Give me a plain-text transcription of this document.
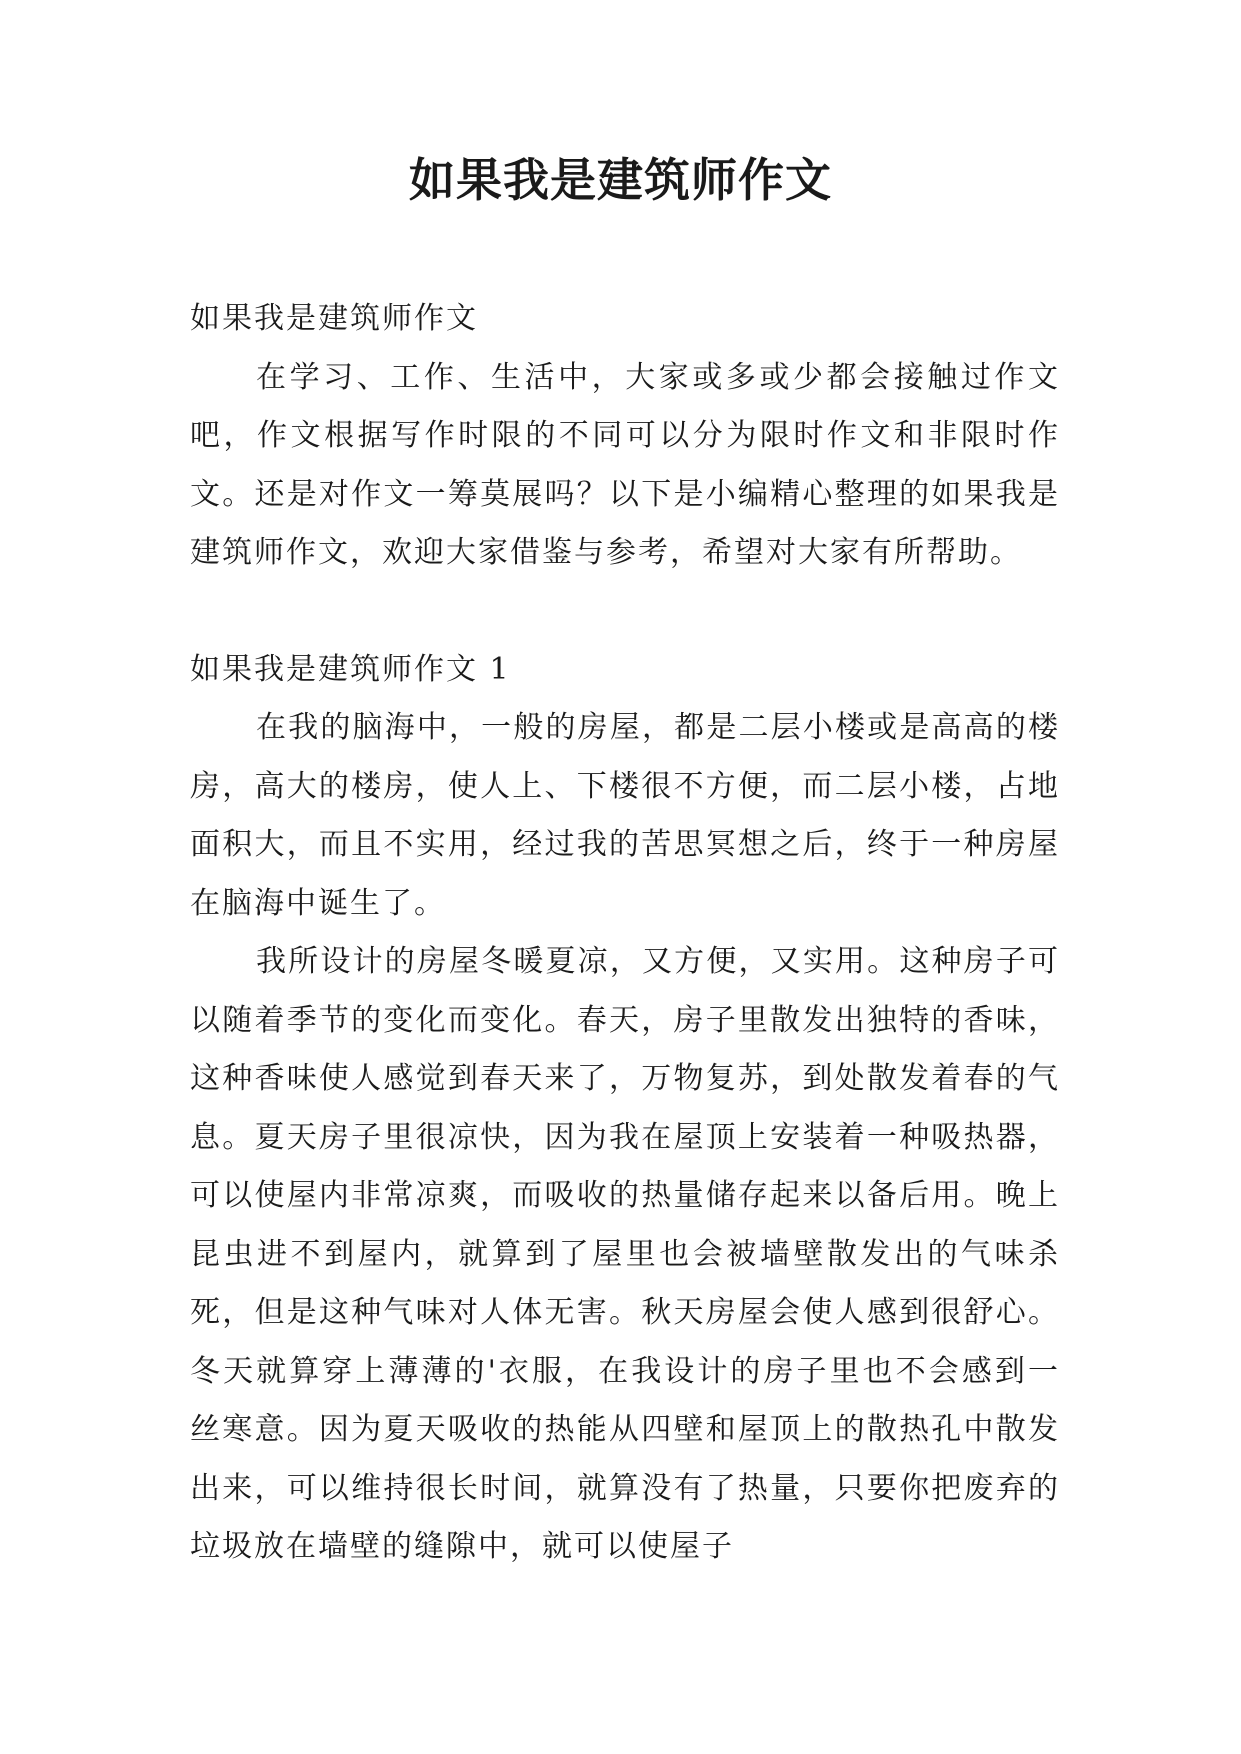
如果我是建筑师作文
如果我是建筑师作文

在学习、工作、生活中，大家或多或少都会接触过作文吧，作文根据写作时限的不同可以分为限时作文和非限时作文。还是对作文一筹莫展吗？以下是小编精心整理的如果我是建筑师作文，欢迎大家借鉴与参考，希望对大家有所帮助。

如果我是建筑师作文 1

在我的脑海中，一般的房屋，都是二层小楼或是高高的楼房，高大的楼房，使人上、下楼很不方便，而二层小楼，占地面积大，而且不实用，经过我的苦思冥想之后，终于一种房屋在脑海中诞生了。

我所设计的房屋冬暖夏凉，又方便，又实用。这种房子可以随着季节的变化而变化。春天，房子里散发出独特的香味，这种香味使人感觉到春天来了，万物复苏，到处散发着春的气息。夏天房子里很凉快，因为我在屋顶上安装着一种吸热器，可以使屋内非常凉爽，而吸收的热量储存起来以备后用。晚上昆虫进不到屋内，就算到了屋里也会被墙壁散发出的气味杀死，但是这种气味对人体无害。秋天房屋会使人感到很舒心。冬天就算穿上薄薄的'衣服，在我设计的房子里也不会感到一丝寒意。因为夏天吸收的热能从四壁和屋顶上的散热孔中散发出来，可以维持很长时间，就算没有了热量，只要你把废弃的垃圾放在墙壁的缝隙中，就可以使屋子
